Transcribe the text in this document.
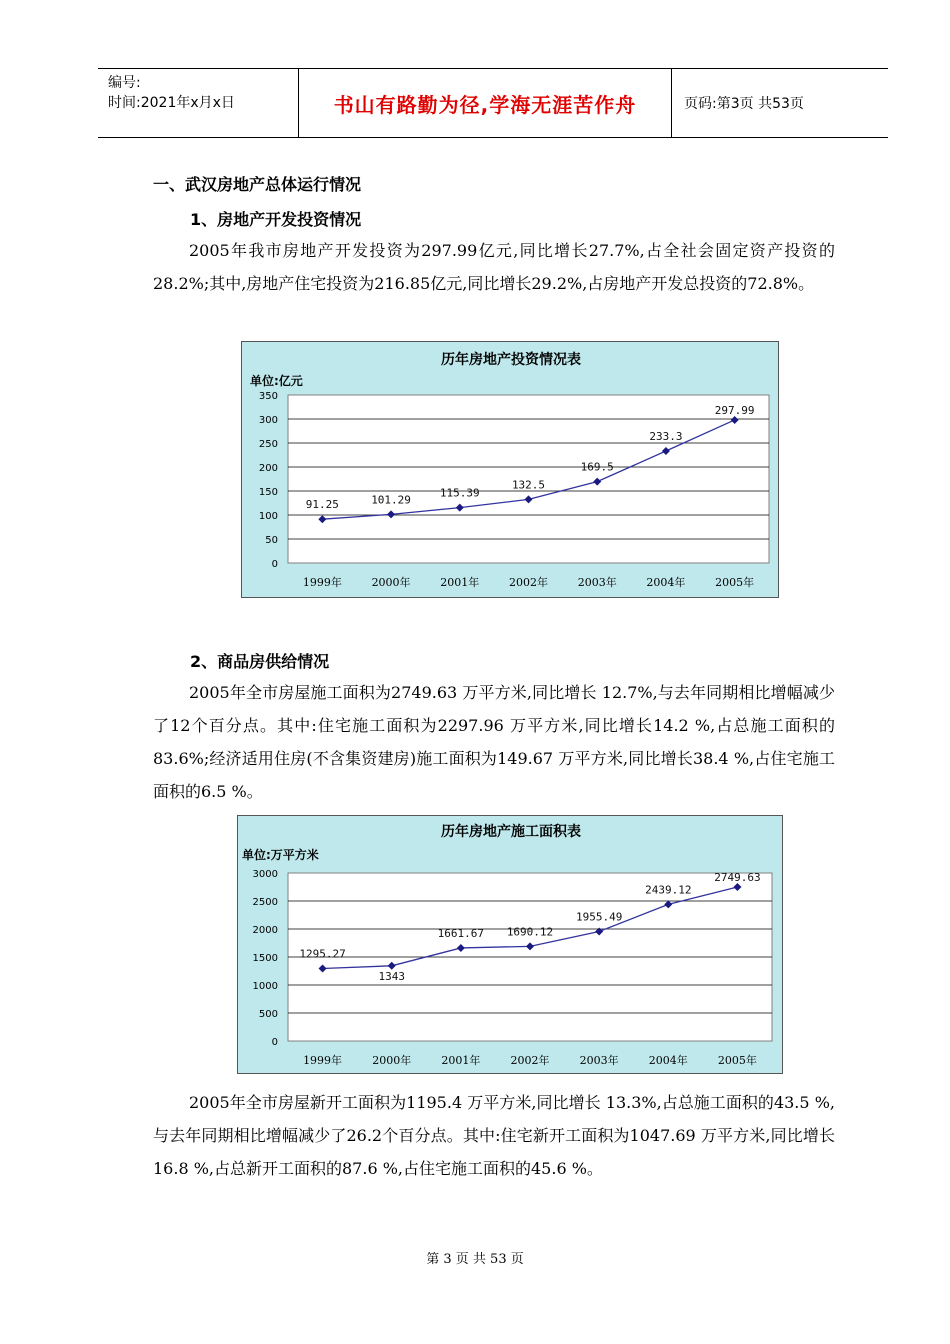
编号:
时间:2021年x月x日	书山有路勤为径,学海无涯苦作舟	页码:第3页 共53页
一、武汉房地产总体运行情况
1、房地产开发投资情况

2005年我市房地产开发投资为297.99亿元,同比增长27.7%,占全社会固定资产投资的28.2%;其中,房地产住宅投资为216.85亿元,同比增长29.2%,占房地产开发总投资的72.8%。

历年房地产投资情况表
单位:亿元
0
50
100
150
200
250
300
350
1999年	2000年	2001年	2002年	2003年	2004年	2005年
91.25	101.29
115.39
132.5
169.5
233.3
297.99
2、商品房供给情况

2005年全市房屋施工面积为2749.63 万平方米,同比增长 12.7%,与去年同期相比增幅减少了12个百分点。其中:住宅施工面积为2297.96 万平方米,同比增长14.2 %,占总施工面积的 83.6%;经济适用住房(不含集资建房)施工面积为149.67 万平方米,同比增长38.4 %,占住宅施工面积的6.5 %。

历年房地产施工面积表
单位:万平方米
0
500
1000
1500
2000
2500
3000
1999年	2000年	2001年	2002年	2003年	2004年	2005年
1295.27
1343
1661.67 1690.12
1955.49
2439.12
2749.63

2005年全市房屋新开工面积为1195.4 万平方米,同比增长 13.3%,占总施工面积的43.5 %,与去年同期相比增幅减少了26.2个百分点。其中:住宅新开工面积为1047.69 万平方米,同比增长16.8 %,占总新开工面积的87.6 %,占住宅施工面积的45.6 %。

第 3 页 共 53 页
